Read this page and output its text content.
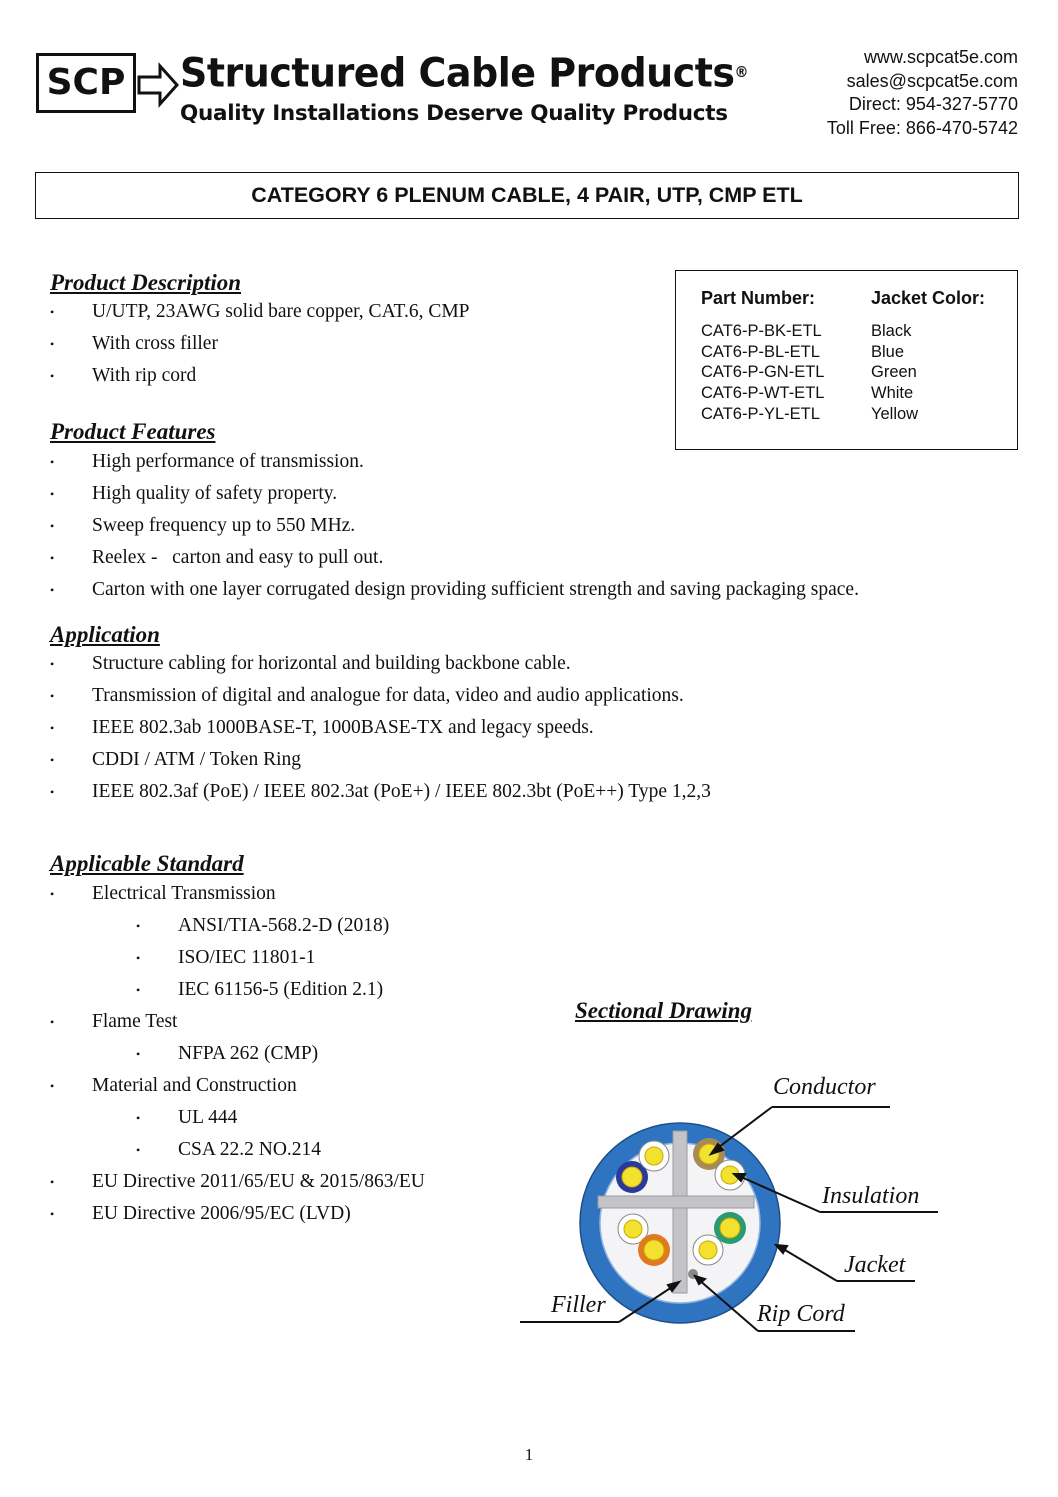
SCP Structured Cable Products®
Quality Installations Deserve Quality Products
www.scpcat5e.com
sales@scpcat5e.com
Direct: 954-327-5770
Toll Free: 866-470-5742
CATEGORY 6 PLENUM CABLE, 4 PAIR, UTP, CMP ETL
Product Description
• U/UTP, 23AWG solid bare copper, CAT.6, CMP
• With cross filler
• With rip cord
Part Number:	Jacket Color:
CAT6-P-BK-ETL
CAT6-P-BL-ETL
CAT6-P-GN-ETL
CAT6-P-WT-ETL
CAT6-P-YL-ETL
Black
Blue
Green
White
Yellow
Product Features
• High performance of transmission.
• High quality of safety property.
• Sweep frequency up to 550 MHz.
• Reelex -   carton and easy to pull out.
• Carton with one layer corrugated design providing sufficient strength and saving packaging space.
Application
• Structure cabling for horizontal and building backbone cable.
• Transmission of digital and analogue for data, video and audio applications.
• IEEE 802.3ab 1000BASE-T, 1000BASE-TX and legacy speeds.
• CDDI / ATM / Token Ring
• IEEE 802.3af (PoE) / IEEE 802.3at (PoE+) / IEEE 802.3bt (PoE++) Type 1,2,3
Applicable Standard
• Electrical Transmission
• ANSI/TIA-568.2-D (2018)
• ISO/IEC 11801-1
• IEC 61156-5 (Edition 2.1)
• Flame Test
• NFPA 262 (CMP)
• Material and Construction
• UL 444
• CSA 22.2 NO.214
• EU Directive 2011/65/EU & 2015/863/EU
• EU Directive 2006/95/EC (LVD)
Sectional Drawing
Conductor
Insulation
Jacket
Filler	Rip Cord
1
